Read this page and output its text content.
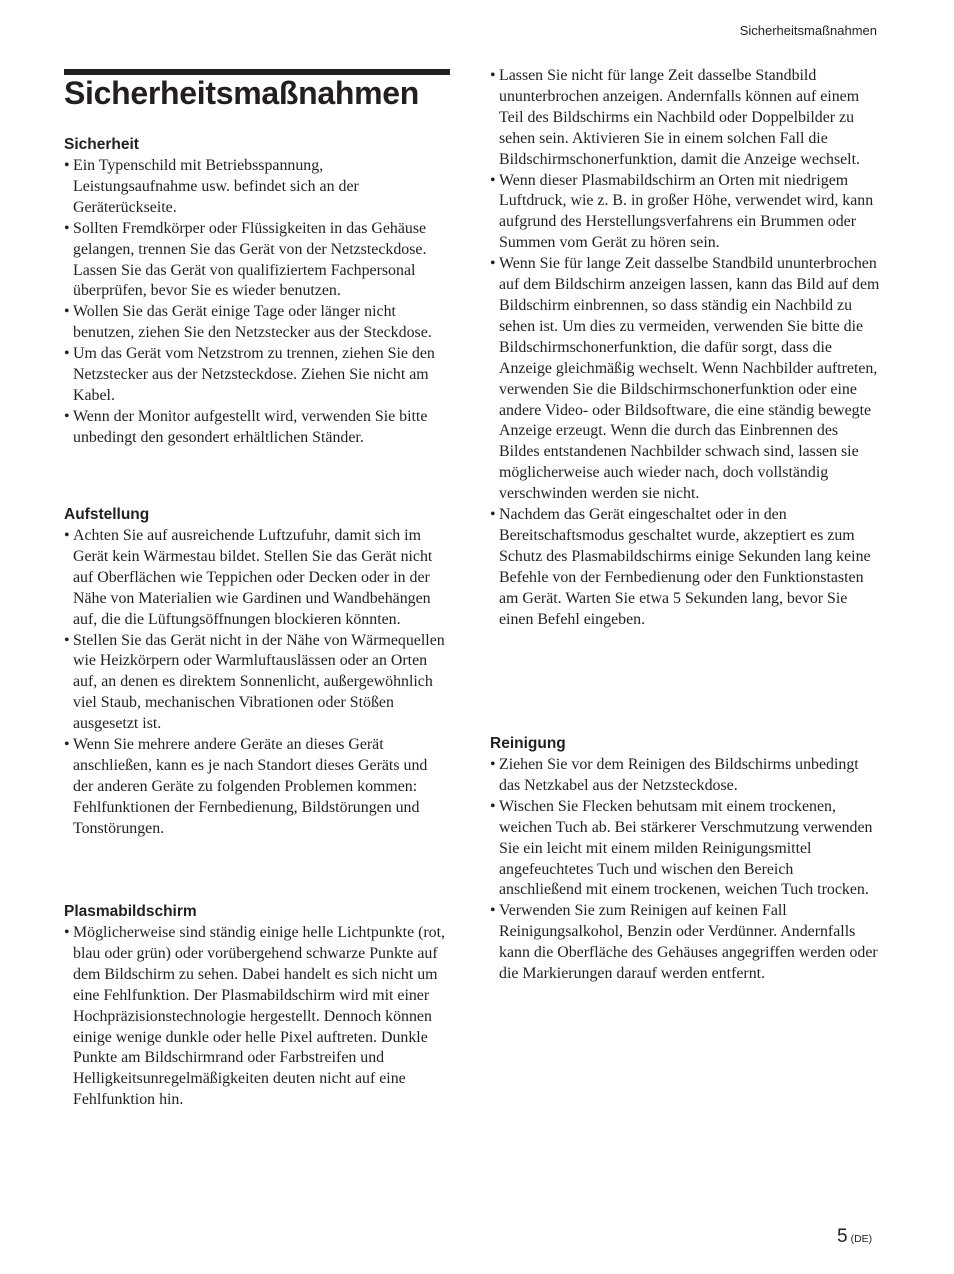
Sicherheitsmaßnahmen
Sicherheitsmaßnahmen
Sicherheit
• Ein Typenschild mit Betriebsspannung, Leistungsaufnahme usw. befindet sich an der Geräterückseite.
• Sollten Fremdkörper oder Flüssigkeiten in das Gehäuse gelangen, trennen Sie das Gerät von der Netzsteckdose. Lassen Sie das Gerät von qualifiziertem Fachpersonal überprüfen, bevor Sie es wieder benutzen.
• Wollen Sie das Gerät einige Tage oder länger nicht benutzen, ziehen Sie den Netzstecker aus der Steckdose.
• Um das Gerät vom Netzstrom zu trennen, ziehen Sie den Netzstecker aus der Netzsteckdose. Ziehen Sie nicht am Kabel.
• Wenn der Monitor aufgestellt wird, verwenden Sie bitte unbedingt den gesondert erhältlichen Ständer.
Aufstellung
• Achten Sie auf ausreichende Luftzufuhr, damit sich im Gerät kein Wärmestau bildet. Stellen Sie das Gerät nicht auf Oberflächen wie Teppichen oder Decken oder in der Nähe von Materialien wie Gardinen und Wandbehängen auf, die die Lüftungsöffnungen blockieren könnten.
• Stellen Sie das Gerät nicht in der Nähe von Wärmequellen wie Heizkörpern oder Warmluftauslässen oder an Orten auf, an denen es direktem Sonnenlicht, außergewöhnlich viel Staub, mechanischen Vibrationen oder Stößen ausgesetzt ist.
• Wenn Sie mehrere andere Geräte an dieses Gerät anschließen, kann es je nach Standort dieses Geräts und der anderen Geräte zu folgenden Problemen kommen: Fehlfunktionen der Fernbedienung, Bildstörungen und Tonstörungen.
Plasmabildschirm
• Möglicherweise sind ständig einige helle Lichtpunkte (rot, blau oder grün) oder vorübergehend schwarze Punkte auf dem Bildschirm zu sehen. Dabei handelt es sich nicht um eine Fehlfunktion. Der Plasmabildschirm wird mit einer Hochpräzisionstechnologie hergestellt. Dennoch können einige wenige dunkle oder helle Pixel auftreten. Dunkle Punkte am Bildschirmrand oder Farbstreifen und Helligkeitsunregelmäßigkeiten deuten nicht auf eine Fehlfunktion hin.
• Lassen Sie nicht für lange Zeit dasselbe Standbild ununterbrochen anzeigen. Andernfalls können auf einem Teil des Bildschirms ein Nachbild oder Doppelbilder zu sehen sein. Aktivieren Sie in einem solchen Fall die Bildschirmschonerfunktion, damit die Anzeige wechselt.
• Wenn dieser Plasmabildschirm an Orten mit niedrigem Luftdruck, wie z. B. in großer Höhe, verwendet wird, kann aufgrund des Herstellungsverfahrens ein Brummen oder Summen vom Gerät zu hören sein.
• Wenn Sie für lange Zeit dasselbe Standbild ununterbrochen auf dem Bildschirm anzeigen lassen, kann das Bild auf dem Bildschirm einbrennen, so dass ständig ein Nachbild zu sehen ist. Um dies zu vermeiden, verwenden Sie bitte die Bildschirmschonerfunktion, die dafür sorgt, dass die Anzeige gleichmäßig wechselt. Wenn Nachbilder auftreten, verwenden Sie die Bildschirmschonerfunktion oder eine andere Video- oder Bildsoftware, die eine ständig bewegte Anzeige erzeugt. Wenn die durch das Einbrennen des Bildes entstandenen Nachbilder schwach sind, lassen sie möglicherweise auch wieder nach, doch vollständig verschwinden werden sie nicht.
• Nachdem das Gerät eingeschaltet oder in den Bereitschaftsmodus geschaltet wurde, akzeptiert es zum Schutz des Plasmabildschirms einige Sekunden lang keine Befehle von der Fernbedienung oder den Funktionstasten am Gerät. Warten Sie etwa 5 Sekunden lang, bevor Sie einen Befehl eingeben.
Reinigung
• Ziehen Sie vor dem Reinigen des Bildschirms unbedingt das Netzkabel aus der Netzsteckdose.
• Wischen Sie Flecken behutsam mit einem trockenen, weichen Tuch ab. Bei stärkerer Verschmutzung verwenden Sie ein leicht mit einem milden Reinigungsmittel angefeuchtetes Tuch und wischen den Bereich anschließend mit einem trockenen, weichen Tuch trocken.
• Verwenden Sie zum Reinigen auf keinen Fall Reinigungsalkohol, Benzin oder Verdünner. Andernfalls kann die Oberfläche des Gehäuses angegriffen werden oder die Markierungen darauf werden entfernt.
5 (DE)
